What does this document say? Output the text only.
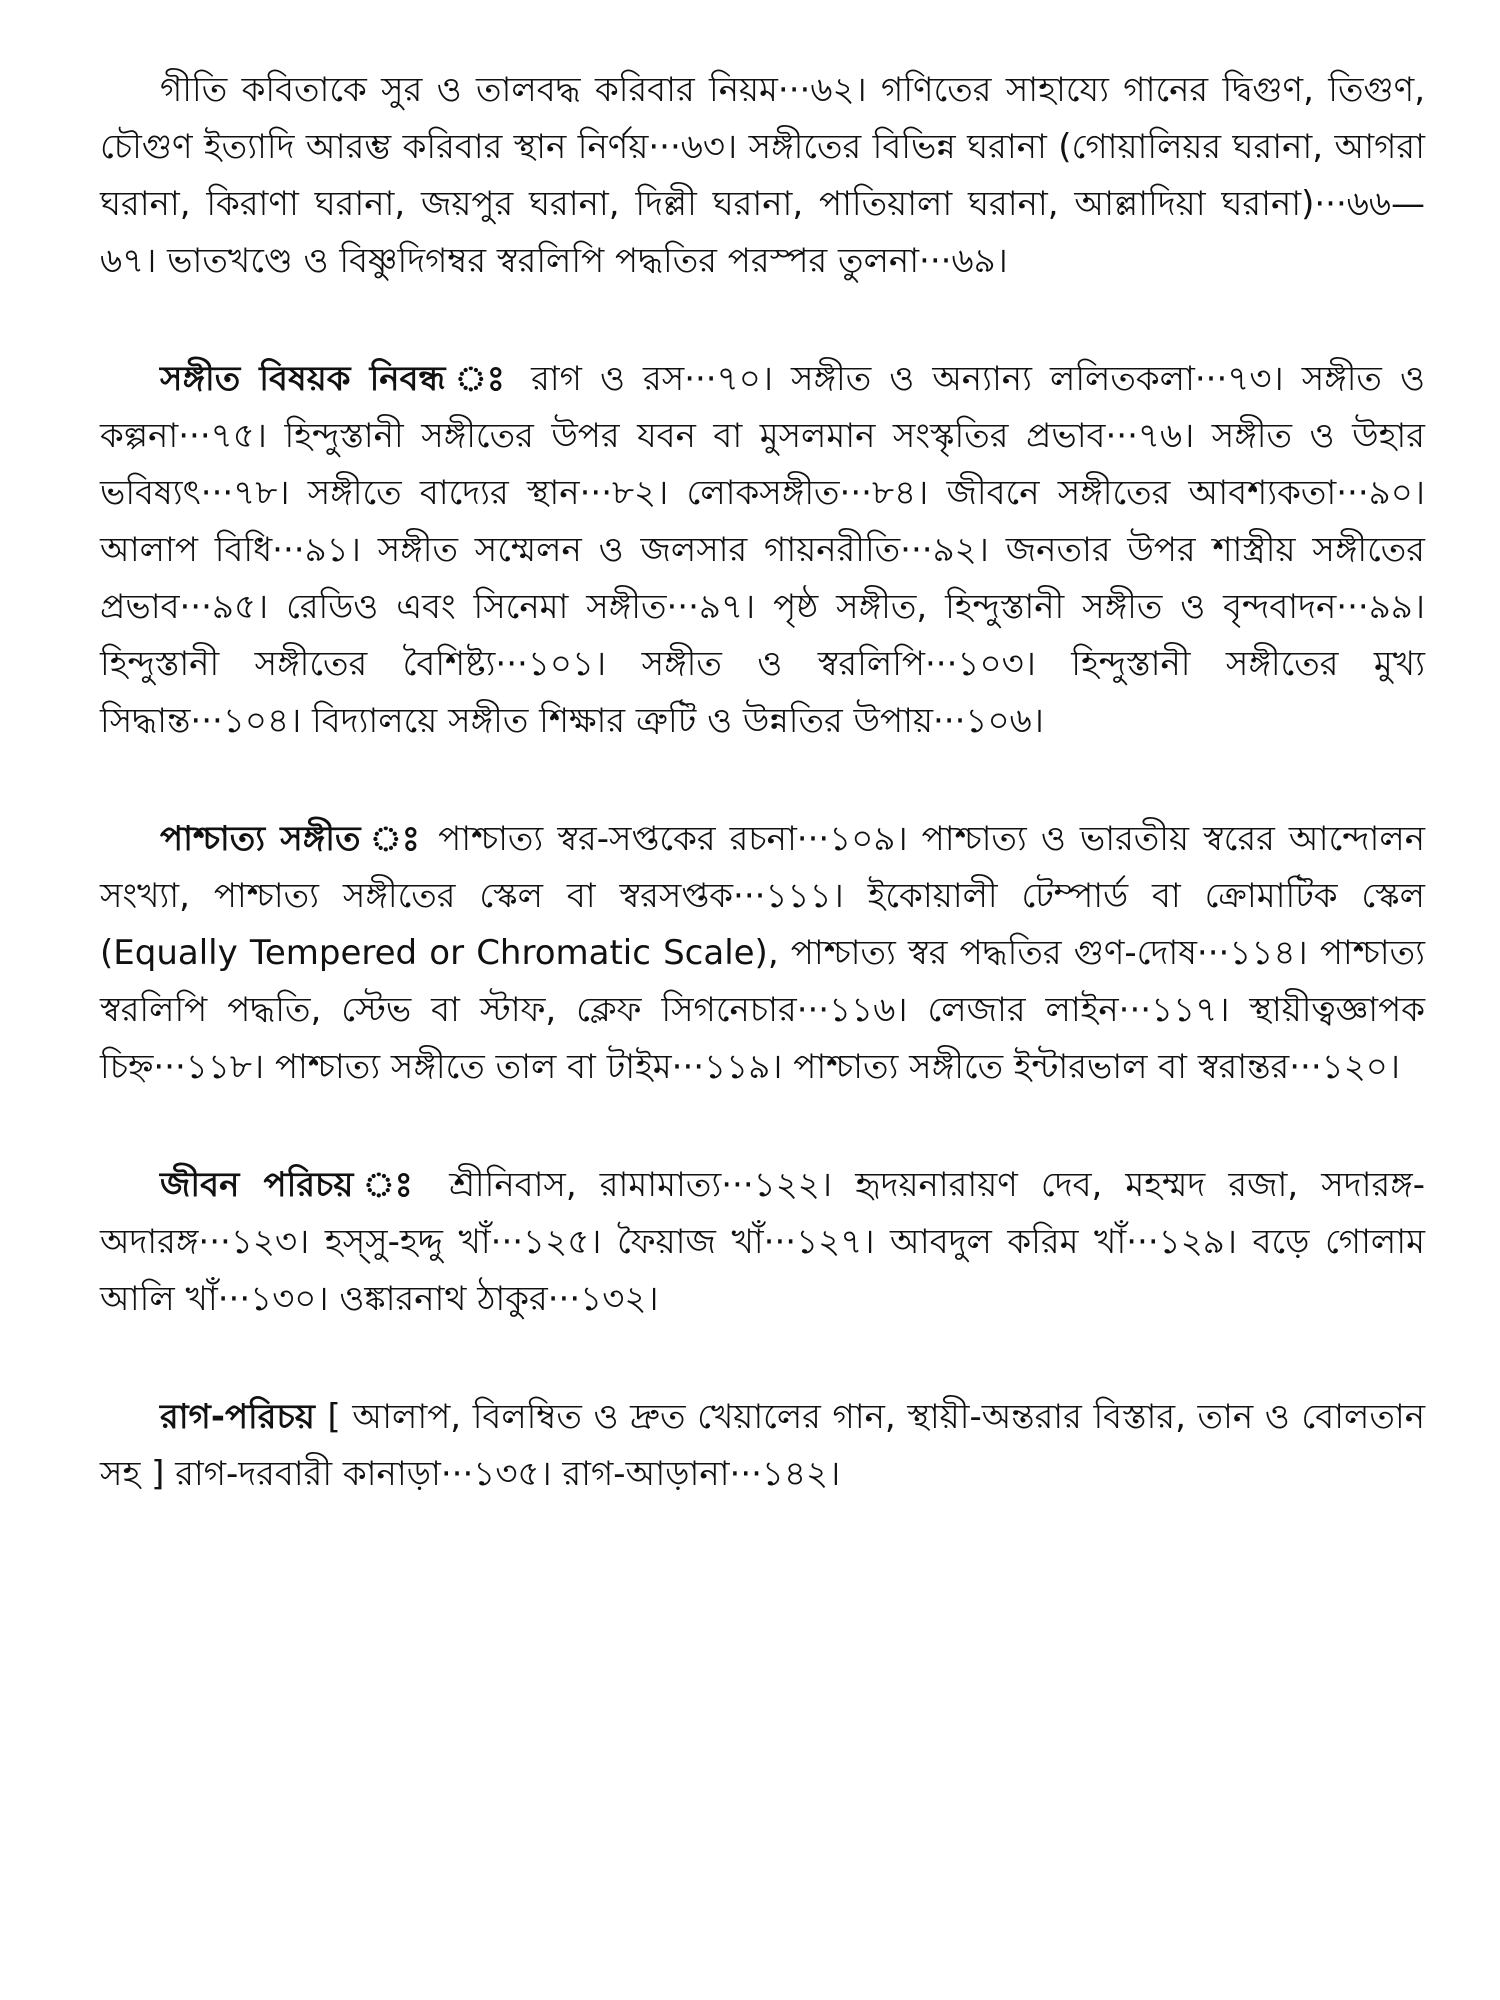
গীতি কবিতাকে সুর ও তালবদ্ধ করিবার নিয়ম···৬২। গণিতের সাহায্যে গানের দ্বিগুণ, তিগুণ, চৌগুণ ইত্যাদি আরম্ভ করিবার স্থান নির্ণয়···৬৩। সঙ্গীতের বিভিন্ন ঘরানা (গোয়ালিয়র ঘরানা, আগরা ঘরানা, কিরাণা ঘরানা, জয়পুর ঘরানা, দিল্লী ঘরানা, পাতিয়ালা ঘরানা, আল্লাদিয়া ঘরানা)···৬৬—৬৭। ভাতখণ্ডে ও বিষ্ণুদিগম্বর স্বরলিপি পদ্ধতির পরস্পর তুলনা···৬৯।

সঙ্গীত বিষয়ক নিবন্ধ ঃ রাগ ও রস···৭০। সঙ্গীত ও অন্যান্য ললিতকলা···৭৩। সঙ্গীত ও কল্পনা···৭৫। হিন্দুস্তানী সঙ্গীতের উপর যবন বা মুসলমান সংস্কৃতির প্রভাব···৭৬। সঙ্গীত ও উহার ভবিষ্যৎ···৭৮। সঙ্গীতে বাদ্যের স্থান···৮২। লোকসঙ্গীত···৮৪। জীবনে সঙ্গীতের আবশ্যকতা···৯০। আলাপ বিধি···৯১। সঙ্গীত সম্মেলন ও জলসার গায়নরীতি···৯২। জনতার উপর শাস্ত্রীয় সঙ্গীতের প্রভাব···৯৫। রেডিও এবং সিনেমা সঙ্গীত···৯৭। পৃষ্ঠ সঙ্গীত, হিন্দুস্তানী সঙ্গীত ও বৃন্দবাদন···৯৯। হিন্দুস্তানী সঙ্গীতের বৈশিষ্ট্য···১০১। সঙ্গীত ও স্বরলিপি···১০৩। হিন্দুস্তানী সঙ্গীতের মুখ্য সিদ্ধান্ত···১০৪। বিদ্যালয়ে সঙ্গীত শিক্ষার ত্রুটি ও উন্নতির উপায়···১০৬।

পাশ্চাত্য সঙ্গীত ঃ পাশ্চাত্য স্বর-সপ্তকের রচনা···১০৯। পাশ্চাত্য ও ভারতীয় স্বরের আন্দোলন সংখ্যা, পাশ্চাত্য সঙ্গীতের স্কেল বা স্বরসপ্তক···১১১। ইকোয়ালী টেম্পার্ড বা ক্রোমাটিক স্কেল (Equally Tempered or Chromatic Scale), পাশ্চাত্য স্বর পদ্ধতির গুণ-দোষ···১১৪। পাশ্চাত্য স্বরলিপি পদ্ধতি, স্টেভ বা স্টাফ, ক্লেফ সিগনেচার···১১৬। লেজার লাইন···১১৭। স্থায়ীত্বজ্ঞাপক চিহ্ন···১১৮। পাশ্চাত্য সঙ্গীতে তাল বা টাইম···১১৯। পাশ্চাত্য সঙ্গীতে ইন্টারভাল বা স্বরান্তর···১২০।

জীবন পরিচয় ঃ শ্রীনিবাস, রামামাত্য···১২২। হৃদয়নারায়ণ দেব, মহম্মদ রজা, সদারঙ্গ-অদারঙ্গ···১২৩। হস্সু-হদ্দু খাঁ···১২৫। ফৈয়াজ খাঁ···১২৭। আবদুল করিম খাঁ···১২৯। বড়ে গোলাম আলি খাঁ···১৩০। ওঙ্কারনাথ ঠাকুর···১৩২।

রাগ-পরিচয় [ আলাপ, বিলম্বিত ও দ্রুত খেয়ালের গান, স্থায়ী-অন্তরার বিস্তার, তান ও বোলতান সহ ] রাগ-দরবারী কানাড়া···১৩৫। রাগ-আড়ানা···১৪২।
